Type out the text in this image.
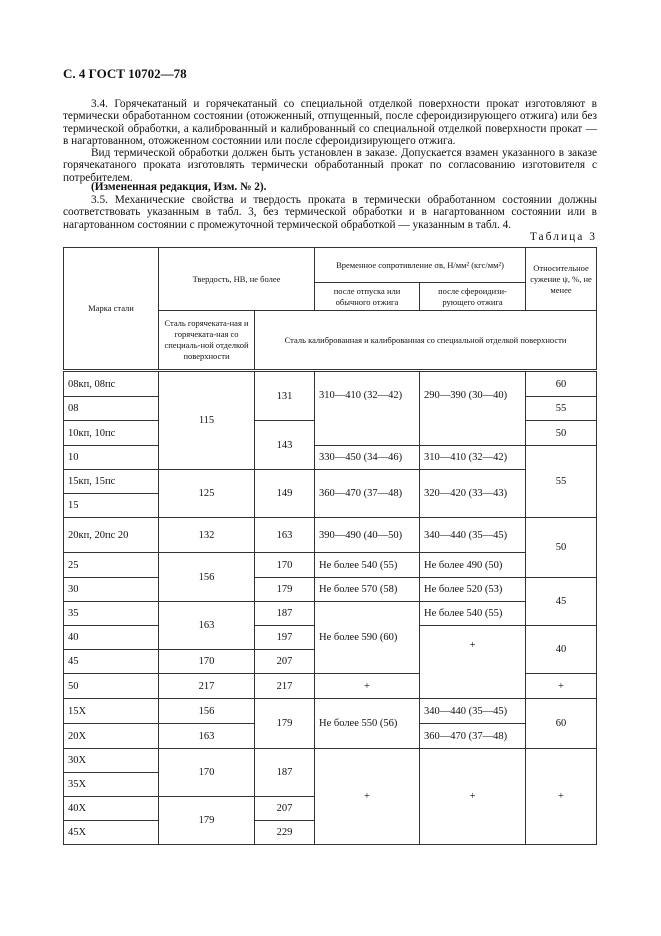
С. 4 ГОСТ 10702—78
3.4. Горячекатаный и горячекатаный со специальной отделкой поверхности прокат изготовляют в термически обработанном состоянии (отожженный, отпущенный, после сфероидизирующего отжига) или без термической обработки, а калиброванный и калиброванный со специальной отделкой поверхности прокат — в нагартованном, отожженном состоянии или после сфероидизирующего отжига.
Вид термической обработки должен быть установлен в заказе. Допускается взамен указанного в заказе горячекатаного проката изготовлять термически обработанный прокат по согласованию изготовителя с потребителем.
(Измененная редакция, Изм. № 2).
3.5. Механические свойства и твердость проката в термически обработанном состоянии должны соответствовать указанным в табл. 3, без термической обработки и в нагартованном состоянии или в нагартованном состоянии с промежуточной термической обработкой — указанным в табл. 4.
Таблица 3
Марка стали	Твердость, НВ, не более		Временное сопротивление σв, Н/мм² (кгс/мм²)		Относительное сужение ψ, %, не менее
			после отпуска или обычного отжига	после сфероидизи-рующего отжига	
	Сталь горячеката-ная и горячеката-ная со специаль-ной отделкой поверхности	Сталь калиброванная и калиброванная со специальной отделкой поверхности			
08кп, 08пс	115	131	310—410 (32—42)	290—390 (30—40)	60
08					55
10кп, 10пс		143			50
10			330—450 (34—46)	310—410 (32—42)	55
15кп, 15пс	125	149	360—470 (37—48)	320—420 (33—43)	
15					
20кп, 20пс 20	132	163	390—490 (40—50)	340—440 (35—45)	50
25	156	170	Не более 540 (55)	Не более 490 (50)	
30		179	Не более 570 (58)	Не более 520 (53)	45
35	163	187	Не более 590 (60)	Не более 540 (55)	
40		197		+	40
45	170	207			
50	217	217	+		+
15Х	156	179	Не более 550 (56)	340—440 (35—45)	60
20Х	163			360—470 (37—48)	
30Х	170	187	+	+	+
35Х					
40Х	179	207			
45Х		229			
